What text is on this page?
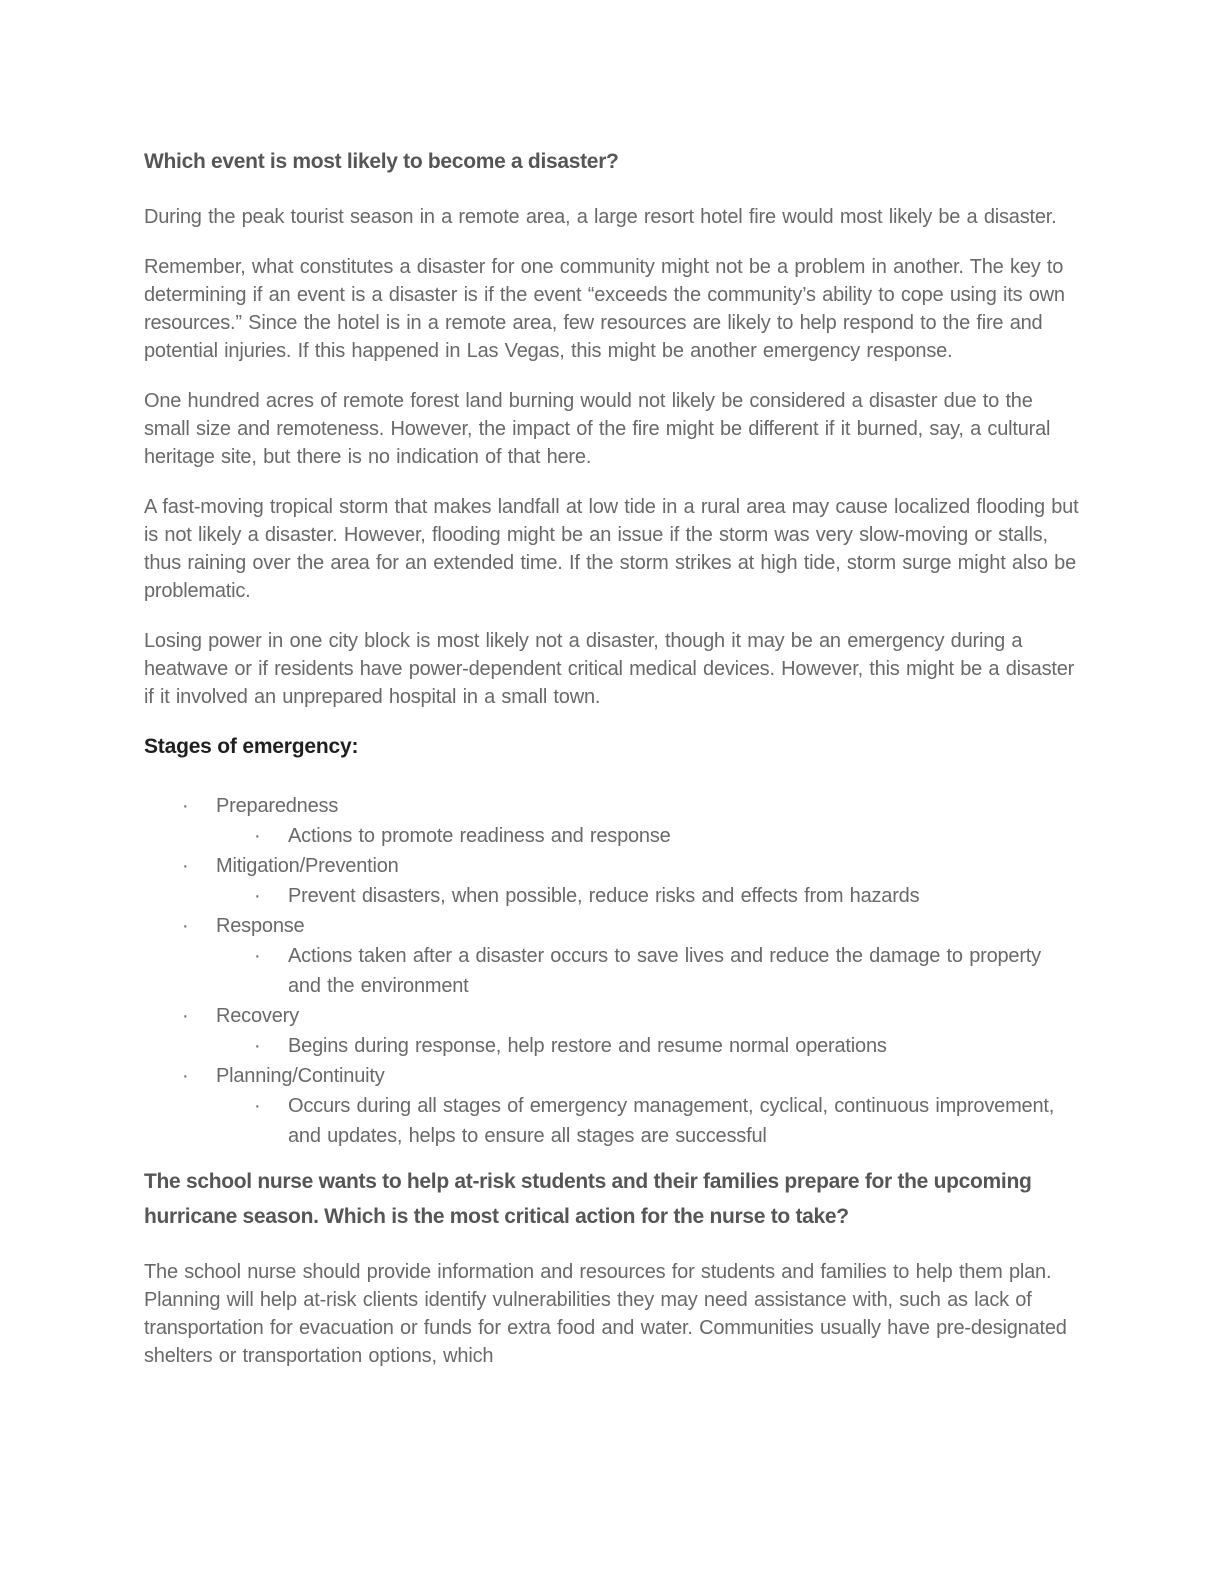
Which event is most likely to become a disaster?

During the peak tourist season in a remote area, a large resort hotel fire would most likely be a disaster.

Remember, what constitutes a disaster for one community might not be a problem in another. The key to determining if an event is a disaster is if the event “exceeds the community’s ability to cope using its own resources.” Since the hotel is in a remote area, few resources are likely to help respond to the fire and potential injuries. If this happened in Las Vegas, this might be another emergency response.

One hundred acres of remote forest land burning would not likely be considered a disaster due to the small size and remoteness. However, the impact of the fire might be different if it burned, say, a cultural heritage site, but there is no indication of that here.

A fast-moving tropical storm that makes landfall at low tide in a rural area may cause localized flooding but is not likely a disaster. However, flooding might be an issue if the storm was very slow-moving or stalls, thus raining over the area for an extended time. If the storm strikes at high tide, storm surge might also be problematic.

Losing power in one city block is most likely not a disaster, though it may be an emergency during a heatwave or if residents have power-dependent critical medical devices. However, this might be a disaster if it involved an unprepared hospital in a small town.

Stages of emergency:
· Preparedness
· Actions to promote readiness and response
· Mitigation/Prevention
· Prevent disasters, when possible, reduce risks and effects from hazards
· Response
· Actions taken after a disaster occurs to save lives and reduce the damage to property and the environment
· Recovery
· Begins during response, help restore and resume normal operations
· Planning/Continuity
· Occurs during all stages of emergency management, cyclical, continuous improvement, and updates, helps to ensure all stages are successful
The school nurse wants to help at-risk students and their families prepare for the upcoming hurricane season. Which is the most critical action for the nurse to take?

The school nurse should provide information and resources for students and families to help them plan. Planning will help at-risk clients identify vulnerabilities they may need assistance with, such as lack of transportation for evacuation or funds for extra food and water. Communities usually have pre-designated shelters or transportation options, which
